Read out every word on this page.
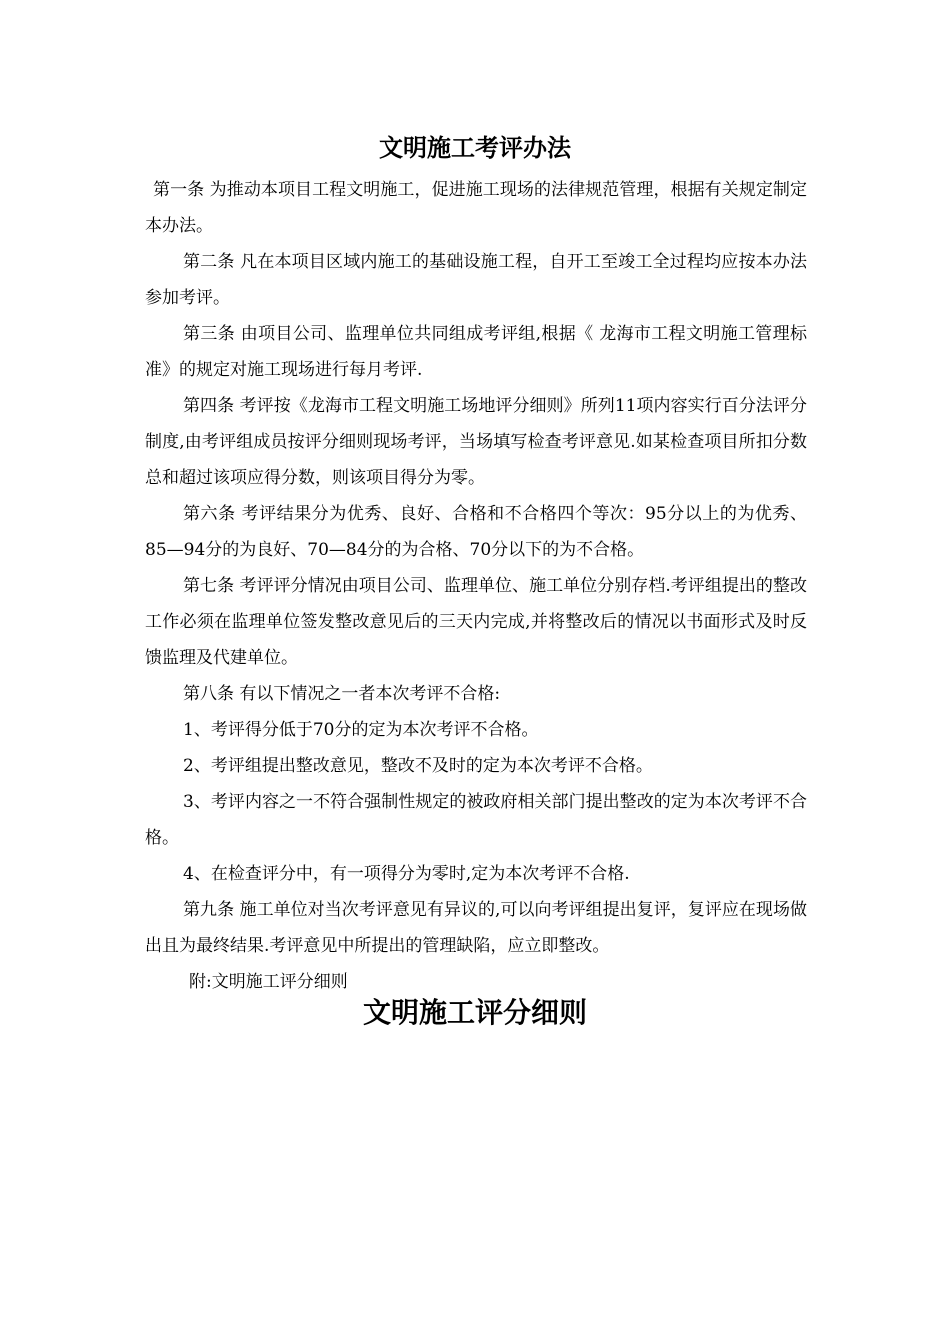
文明施工考评办法

第一条 为推动本项目工程文明施工，促进施工现场的法律规范管理，根据有关规定制定本办法。

第二条 凡在本项目区域内施工的基础设施工程，自开工至竣工全过程均应按本办法参加考评。

第三条 由项目公司、监理单位共同组成考评组,根据《 龙海市工程文明施工管理标准》的规定对施工现场进行每月考评.

第四条 考评按《龙海市工程文明施工场地评分细则》所列11项内容实行百分法评分制度,由考评组成员按评分细则现场考评，当场填写检查考评意见.如某检查项目所扣分数总和超过该项应得分数，则该项目得分为零。

第六条 考评结果分为优秀、良好、合格和不合格四个等次：95分以上的为优秀、85—94分的为良好、70—84分的为合格、70分以下的为不合格。

第七条 考评评分情况由项目公司、监理单位、施工单位分别存档.考评组提出的整改工作必须在监理单位签发整改意见后的三天内完成,并将整改后的情况以书面形式及时反馈监理及代建单位。

第八条 有以下情况之一者本次考评不合格:

1、考评得分低于70分的定为本次考评不合格。

2、考评组提出整改意见，整改不及时的定为本次考评不合格。

3、考评内容之一不符合强制性规定的被政府相关部门提出整改的定为本次考评不合格。

4、在检查评分中，有一项得分为零时,定为本次考评不合格.

第九条 施工单位对当次考评意见有异议的,可以向考评组提出复评，复评应在现场做出且为最终结果.考评意见中所提出的管理缺陷，应立即整改。

附:文明施工评分细则

文明施工评分细则
